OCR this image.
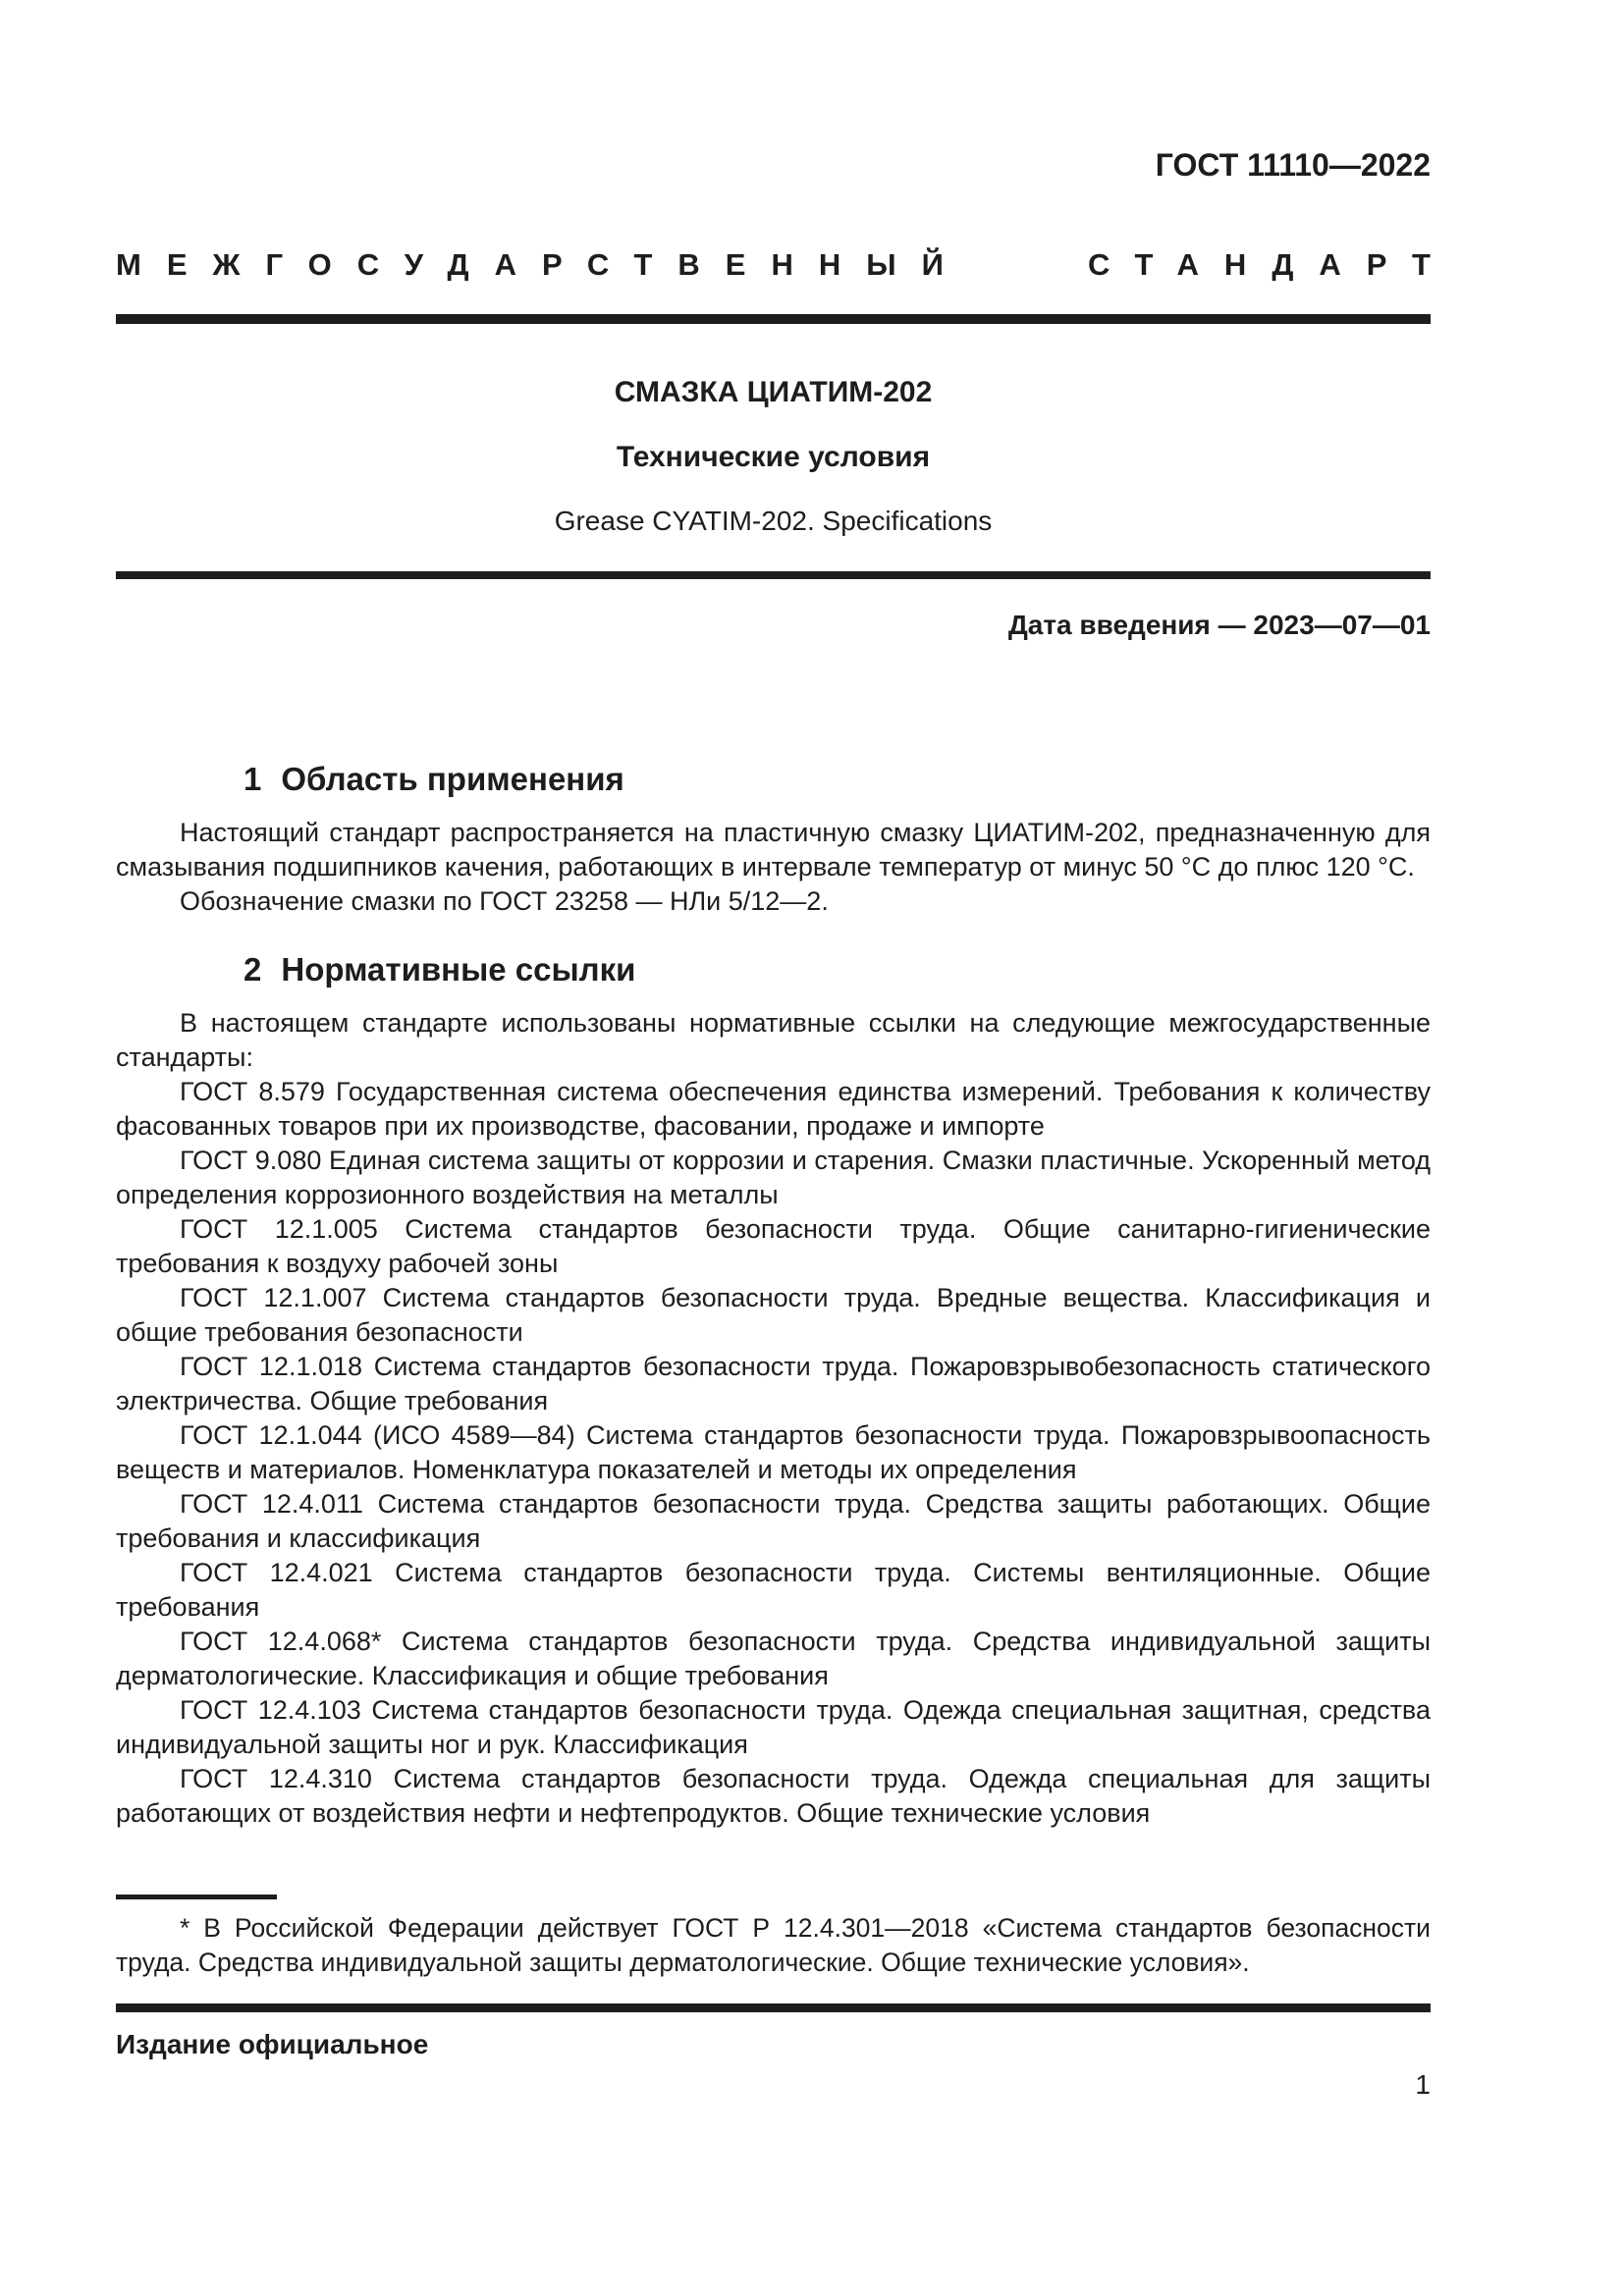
ГОСТ 11110—2022
МЕЖГОСУДАРСТВЕННЫЙ СТАНДАРТ
СМАЗКА ЦИАТИМ-202
Технические условия
Grease CYATIM-202. Specifications
Дата введения — 2023—07—01
1 Область применения

Настоящий стандарт распространяется на пластичную смазку ЦИАТИМ-202, предназначенную для смазывания подшипников качения, работающих в интервале температур от минус 50 °С до плюс 120 °С.

Обозначение смазки по ГОСТ 23258 — НЛи 5/12—2.

2 Нормативные ссылки

В настоящем стандарте использованы нормативные ссылки на следующие межгосударственные стандарты:

ГОСТ 8.579 Государственная система обеспечения единства измерений. Требования к количеству фасованных товаров при их производстве, фасовании, продаже и импорте

ГОСТ 9.080 Единая система защиты от коррозии и старения. Смазки пластичные. Ускоренный метод определения коррозионного воздействия на металлы

ГОСТ 12.1.005 Система стандартов безопасности труда. Общие санитарно-гигиенические требования к воздуху рабочей зоны

ГОСТ 12.1.007 Система стандартов безопасности труда. Вредные вещества. Классификация и общие требования безопасности

ГОСТ 12.1.018 Система стандартов безопасности труда. Пожаровзрывобезопасность статического электричества. Общие требования

ГОСТ 12.1.044 (ИСО 4589—84) Система стандартов безопасности труда. Пожаровзрывоопасность веществ и материалов. Номенклатура показателей и методы их определения

ГОСТ 12.4.011 Система стандартов безопасности труда. Средства защиты работающих. Общие требования и классификация

ГОСТ 12.4.021 Система стандартов безопасности труда. Системы вентиляционные. Общие требования

ГОСТ 12.4.068* Система стандартов безопасности труда. Средства индивидуальной защиты дерматологические. Классификация и общие требования

ГОСТ 12.4.103 Система стандартов безопасности труда. Одежда специальная защитная, средства индивидуальной защиты ног и рук. Классификация

ГОСТ 12.4.310 Система стандартов безопасности труда. Одежда специальная для защиты работающих от воздействия нефти и нефтепродуктов. Общие технические условия

* В Российской Федерации действует ГОСТ Р 12.4.301—2018 «Система стандартов безопасности труда. Средства индивидуальной защиты дерматологические. Общие технические условия».

Издание официальное
1
